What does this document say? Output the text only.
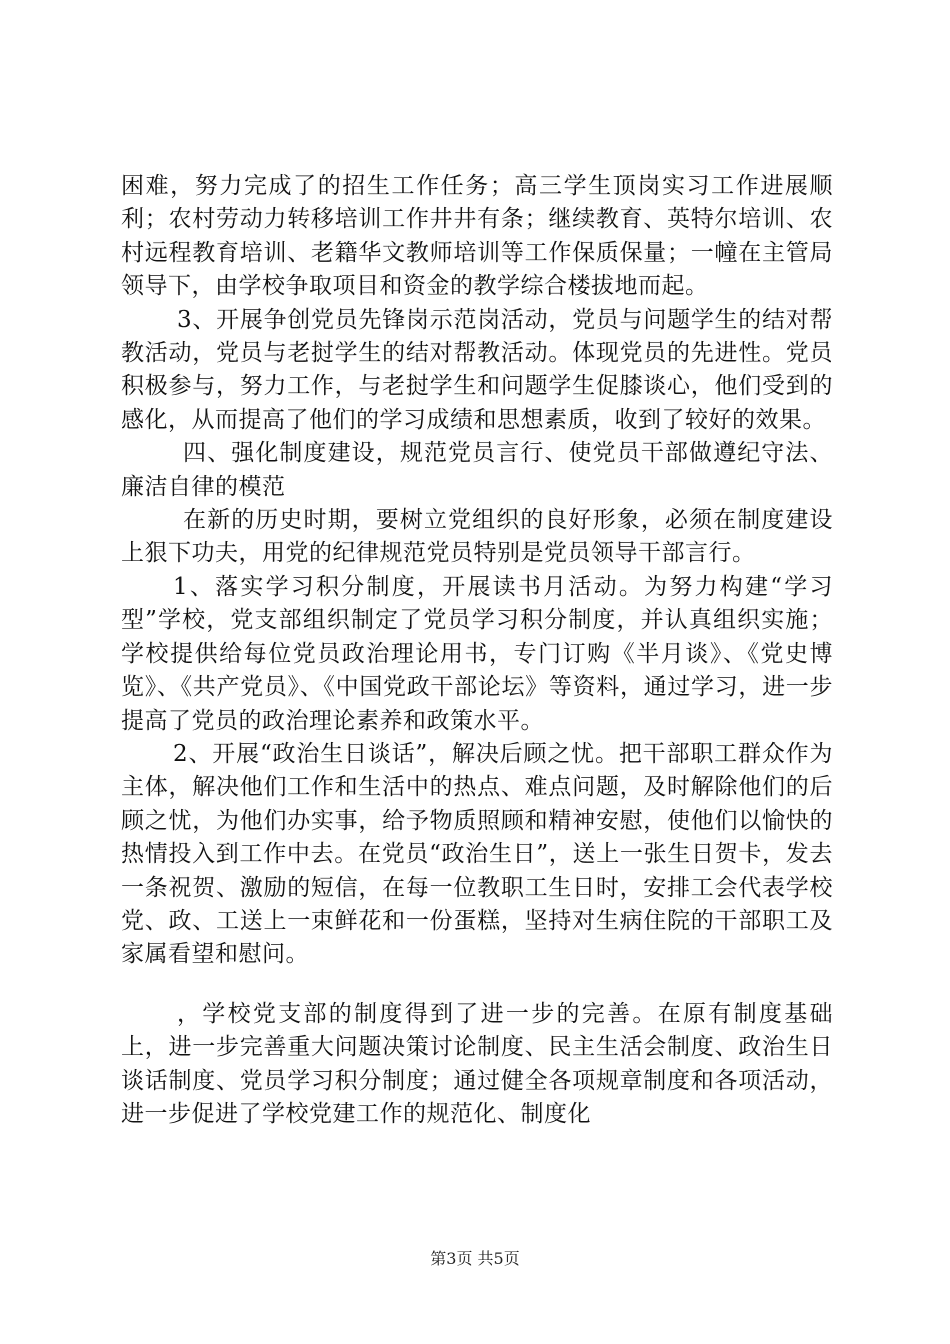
困难，努力完成了的招生工作任务；高三学生顶岗实习工作进展顺利；农村劳动力转移培训工作井井有条；继续教育、英特尔培训、农村远程教育培训、老籍华文教师培训等工作保质保量；一幢在主管局领导下，由学校争取项目和资金的教学综合楼拔地而起。

3、开展争创党员先锋岗示范岗活动，党员与问题学生的结对帮教活动，党员与老挝学生的结对帮教活动。体现党员的先进性。党员积极参与，努力工作，与老挝学生和问题学生促膝谈心，他们受到的感化，从而提高了他们的学习成绩和思想素质，收到了较好的效果。

四、强化制度建设，规范党员言行、使党员干部做遵纪守法、廉洁自律的模范

在新的历史时期，要树立党组织的良好形象，必须在制度建设上狠下功夫，用党的纪律规范党员特别是党员领导干部言行。

1、落实学习积分制度，开展读书月活动。为努力构建“学习型”学校，党支部组织制定了党员学习积分制度，并认真组织实施；学校提供给每位党员政治理论用书，专门订购《半月谈》、《党史博览》、《共产党员》、《中国党政干部论坛》等资料，通过学习，进一步提高了党员的政治理论素养和政策水平。

2、开展“政治生日谈话”，解决后顾之忧。把干部职工群众作为主体，解决他们工作和生活中的热点、难点问题，及时解除他们的后顾之忧，为他们办实事，给予物质照顾和精神安慰，使他们以愉快的热情投入到工作中去。在党员“政治生日”，送上一张生日贺卡，发去一条祝贺、激励的短信，在每一位教职工生日时，安排工会代表学校党、政、工送上一束鲜花和一份蛋糕，坚持对生病住院的干部职工及家属看望和慰问。

，学校党支部的制度得到了进一步的完善。在原有制度基础上，进一步完善重大问题决策讨论制度、民主生活会制度、政治生日谈话制度、党员学习积分制度；通过健全各项规章制度和各项活动，进一步促进了学校党建工作的规范化、制度化

第3页 共5页
